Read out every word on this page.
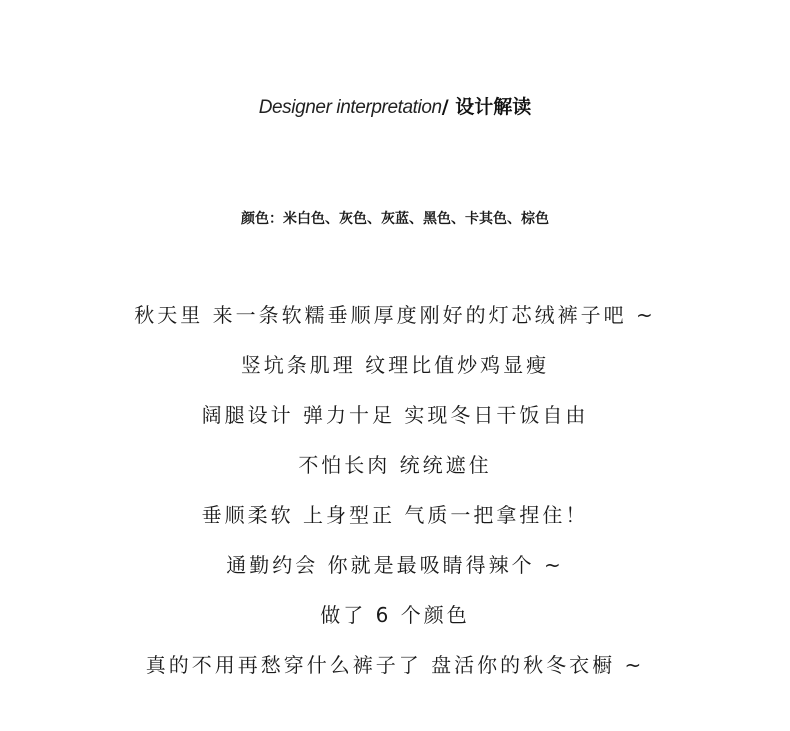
Designer interpretation/ 设计解读
颜色：米白色、灰色、灰蓝、黑色、卡其色、棕色
秋天里 来一条软糯垂顺厚度刚好的灯芯绒裤子吧 ~
竖坑条肌理 纹理比值炒鸡显瘦
阔腿设计 弹力十足 实现冬日干饭自由
不怕长肉 统统遮住
垂顺柔软 上身型正 气质一把拿捏住！
通勤约会 你就是最吸睛得辣个 ~
做了 6 个颜色
真的不用再愁穿什么裤子了 盘活你的秋冬衣橱 ~
